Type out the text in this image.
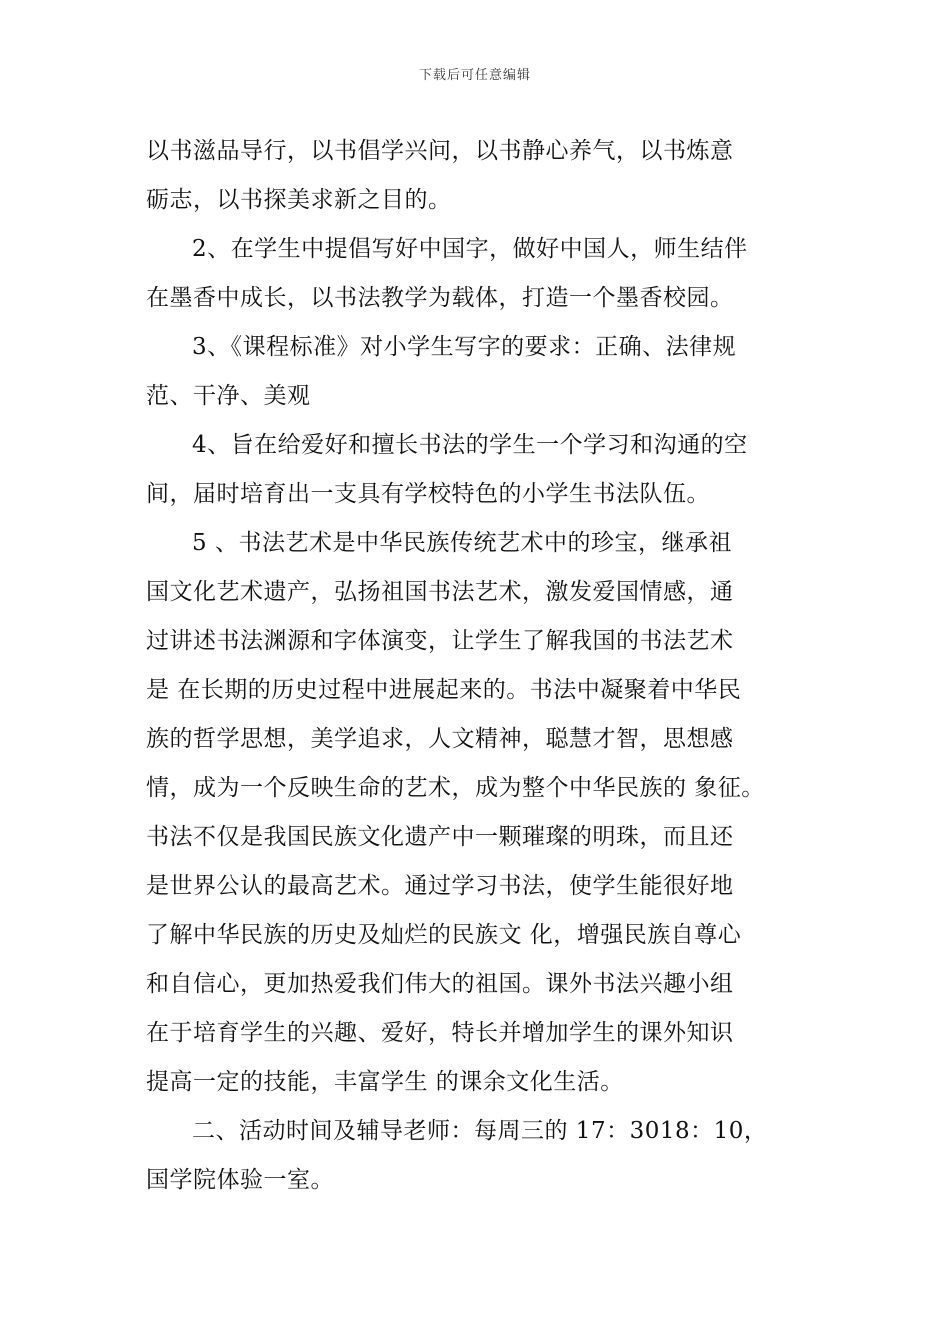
下载后可任意编辑
以书滋品导行，以书倡学兴问，以书静心养气，以书炼意
砺志，以书探美求新之目的。
2、在学生中提倡写好中国字，做好中国人，师生结伴
在墨香中成长，以书法教学为载体，打造一个墨香校园。
3、《课程标准》对小学生写字的要求：正确、法律规
范、干净、美观
4、旨在给爱好和擅长书法的学生一个学习和沟通的空
间，届时培育出一支具有学校特色的小学生书法队伍。
5 、书法艺术是中华民族传统艺术中的珍宝，继承祖
国文化艺术遗产，弘扬祖国书法艺术，激发爱国情感，通
过讲述书法渊源和字体演变，让学生了解我国的书法艺术
是 在长期的历史过程中进展起来的。书法中凝聚着中华民
族的哲学思想，美学追求，人文精神，聪慧才智，思想感
情，成为一个反映生命的艺术，成为整个中华民族的 象征。
书法不仅是我国民族文化遗产中一颗璀璨的明珠，而且还
是世界公认的最高艺术。通过学习书法，使学生能很好地
了解中华民族的历史及灿烂的民族文 化，增强民族自尊心
和自信心，更加热爱我们伟大的祖国。课外书法兴趣小组
在于培育学生的兴趣、爱好，特长并增加学生的课外知识
提高一定的技能，丰富学生 的课余文化生活。
二、活动时间及辅导老师：每周三的 17：3018：10，
国学院体验一室。
